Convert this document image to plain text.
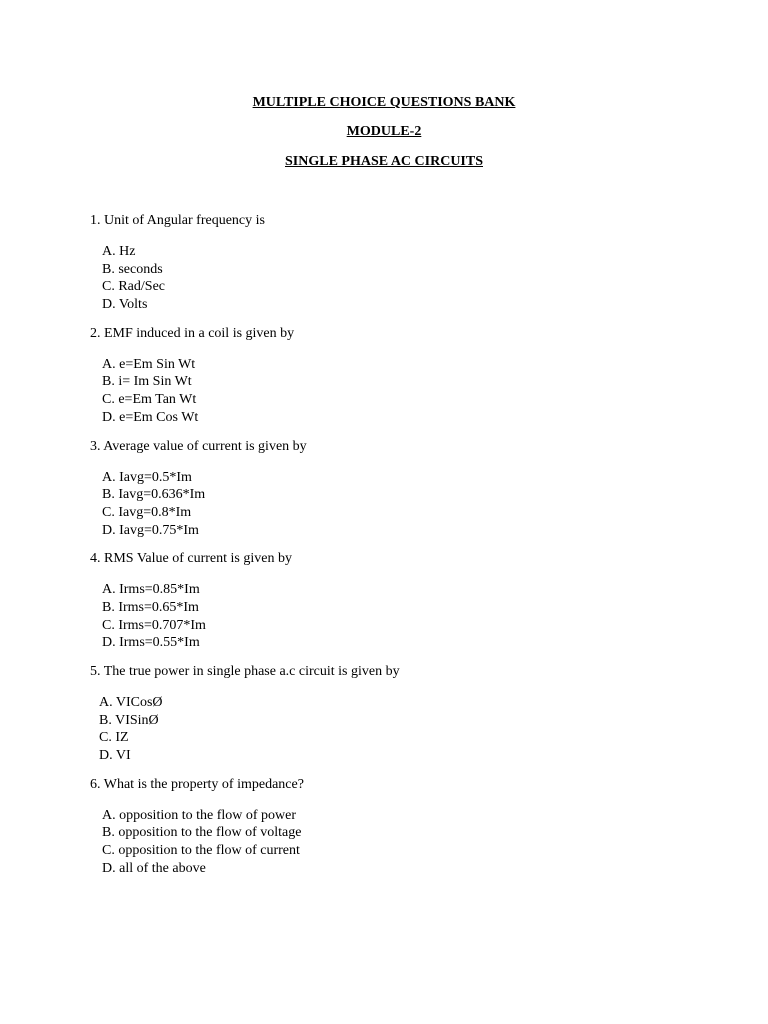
MULTIPLE CHOICE QUESTIONS BANK
MODULE-2
SINGLE PHASE AC CIRCUITS
1. Unit of Angular frequency is
A. Hz
B. seconds
C. Rad/Sec
D. Volts
2. EMF induced in a coil is given by
A. e=Em Sin Wt
B. i= Im Sin Wt
C. e=Em Tan Wt
D. e=Em Cos Wt
3. Average value of current is given by
A. Iavg=0.5*Im
B. Iavg=0.636*Im
C. Iavg=0.8*Im
D. Iavg=0.75*Im
4. RMS Value of current is given by
A. Irms=0.85*Im
B. Irms=0.65*Im
C. Irms=0.707*Im
D. Irms=0.55*Im
5. The true power in single phase a.c circuit is given by
A. VICosØ
B. VISinØ
C. IZ
D. VI
6. What is the property of impedance?
A. opposition to the flow of power
B. opposition to the flow of voltage
C. opposition to the flow of current
D. all of the above
